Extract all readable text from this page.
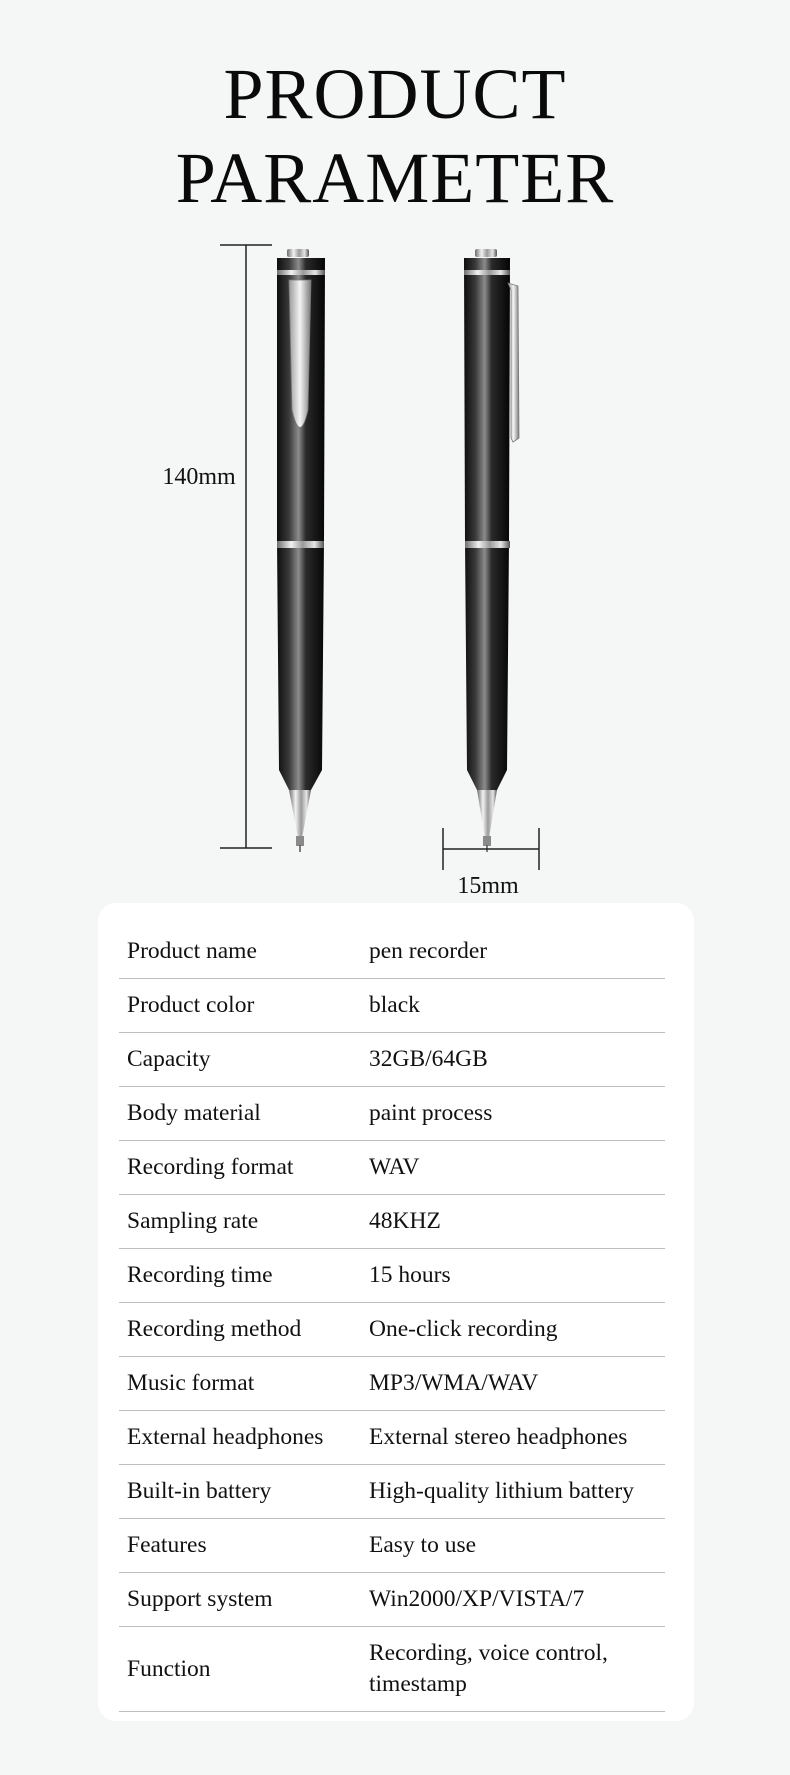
PRODUCT
PARAMETER
140mm
15mm
Product name	pen recorder
Product color	black
Capacity	32GB/64GB
Body material	paint process
Recording format	WAV
Sampling rate	48KHZ
Recording time	15 hours
Recording method	One-click recording
Music format	MP3/WMA/WAV
External headphones	External stereo headphones
Built-in battery	High-quality lithium battery
Features	Easy to use
Support system	Win2000/XP/VISTA/7
Function	Recording, voice control, timestamp
